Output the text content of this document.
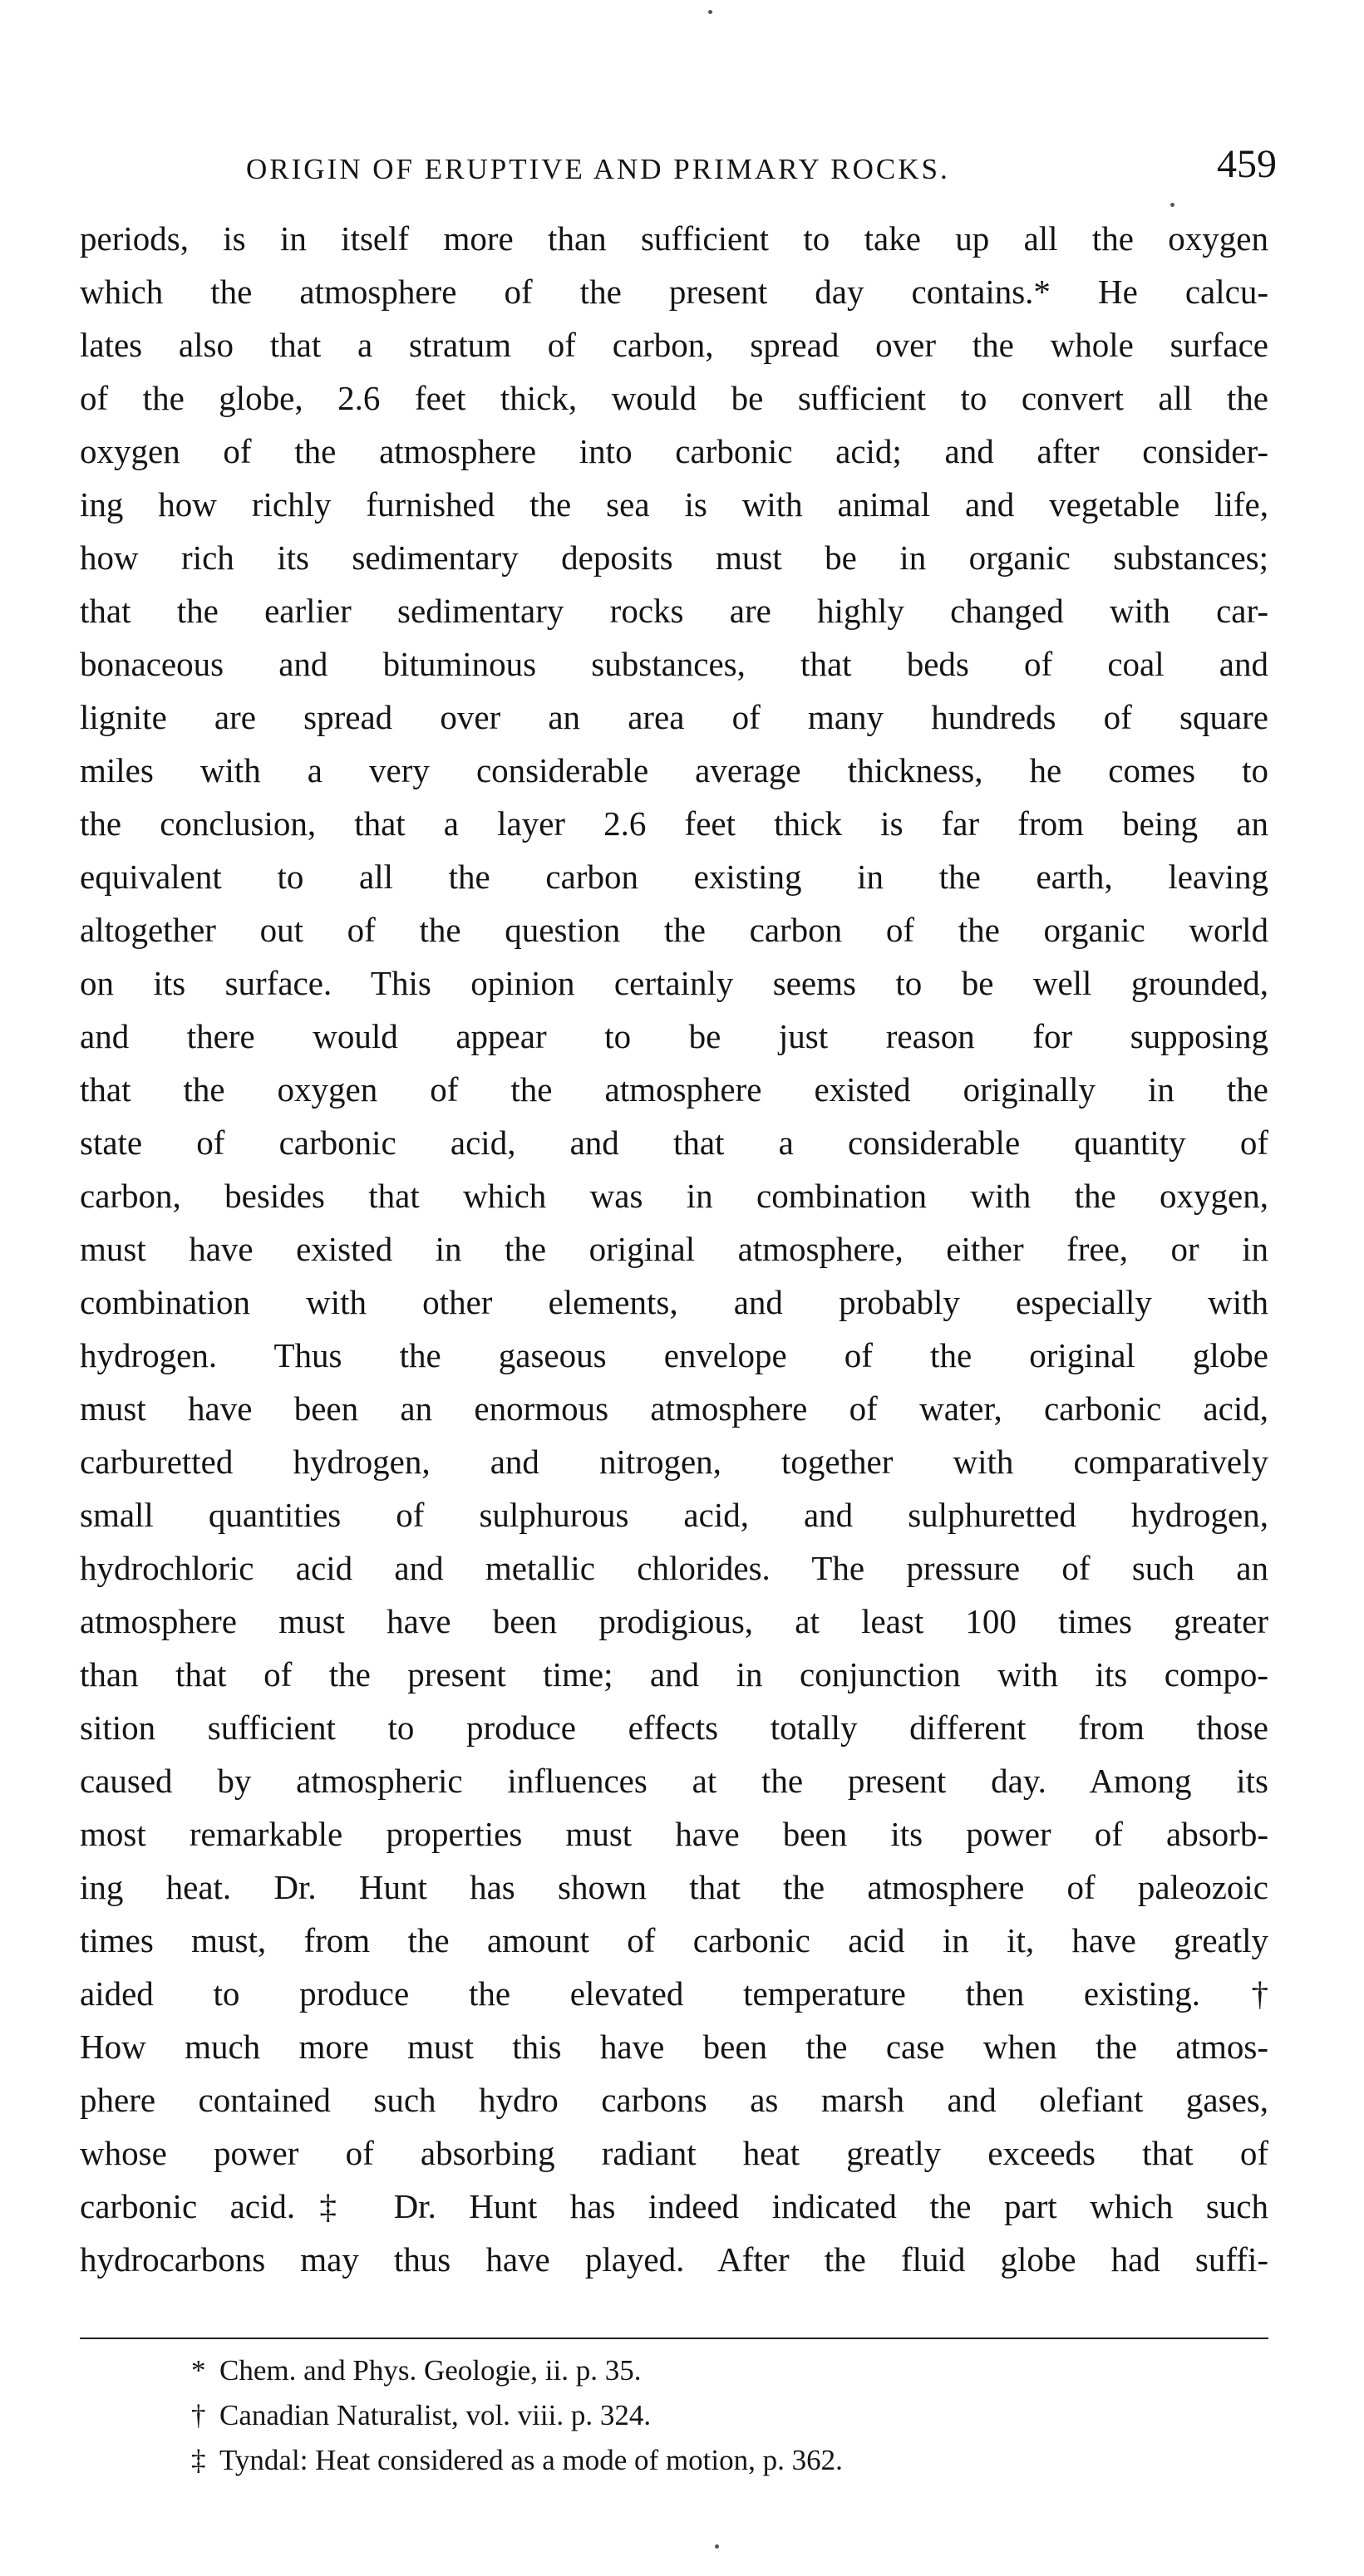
ORIGIN OF ERUPTIVE AND PRIMARY ROCKS.	459
periods, is in itself more than sufficient to take up all the oxygen
which the atmosphere of the present day contains.* He calcu-
lates also that a stratum of carbon, spread over the whole surface
of the globe, 2.6 feet thick, would be sufficient to convert all the
oxygen of the atmosphere into carbonic acid; and after consider-
ing how richly furnished the sea is with animal and vegetable life,
how rich its sedimentary deposits must be in organic substances;
that the earlier sedimentary rocks are highly changed with car-
bonaceous and bituminous substances, that beds of coal and
lignite are spread over an area of many hundreds of square
miles with a very considerable average thickness, he comes to
the conclusion, that a layer 2.6 feet thick is far from being an
equivalent to all the carbon existing in the earth, leaving
altogether out of the question the carbon of the organic world
on its surface. This opinion certainly seems to be well grounded,
and there would appear to be just reason for supposing
that the oxygen of the atmosphere existed originally in the
state of carbonic acid, and that a considerable quantity of
carbon, besides that which was in combination with the oxygen,
must have existed in the original atmosphere, either free, or in
combination with other elements, and probably especially with
hydrogen. Thus the gaseous envelope of the original globe
must have been an enormous atmosphere of water, carbonic acid,
carburetted hydrogen, and nitrogen, together with comparatively
small quantities of sulphurous acid, and sulphuretted hydrogen,
hydrochloric acid and metallic chlorides. The pressure of such an
atmosphere must have been prodigious, at least 100 times greater
than that of the present time; and in conjunction with its compo-
sition sufficient to produce effects totally different from those
caused by atmospheric influences at the present day. Among its
most remarkable properties must have been its power of absorb-
ing heat. Dr. Hunt has shown that the atmosphere of paleozoic
times must, from the amount of carbonic acid in it, have greatly
aided to produce the elevated temperature then existing.†
How much more must this have been the case when the atmos-
phere contained such hydro carbons as marsh and olefiant gases,
whose power of absorbing radiant heat greatly exceeds that of
carbonic acid.‡ Dr. Hunt has indeed indicated the part which such
hydrocarbons may thus have played. After the fluid globe had suffi-
* Chem. and Phys. Geologie, ii. p. 35.
† Canadian Naturalist, vol. viii. p. 324.
‡ Tyndal: Heat considered as a mode of motion, p. 362.
